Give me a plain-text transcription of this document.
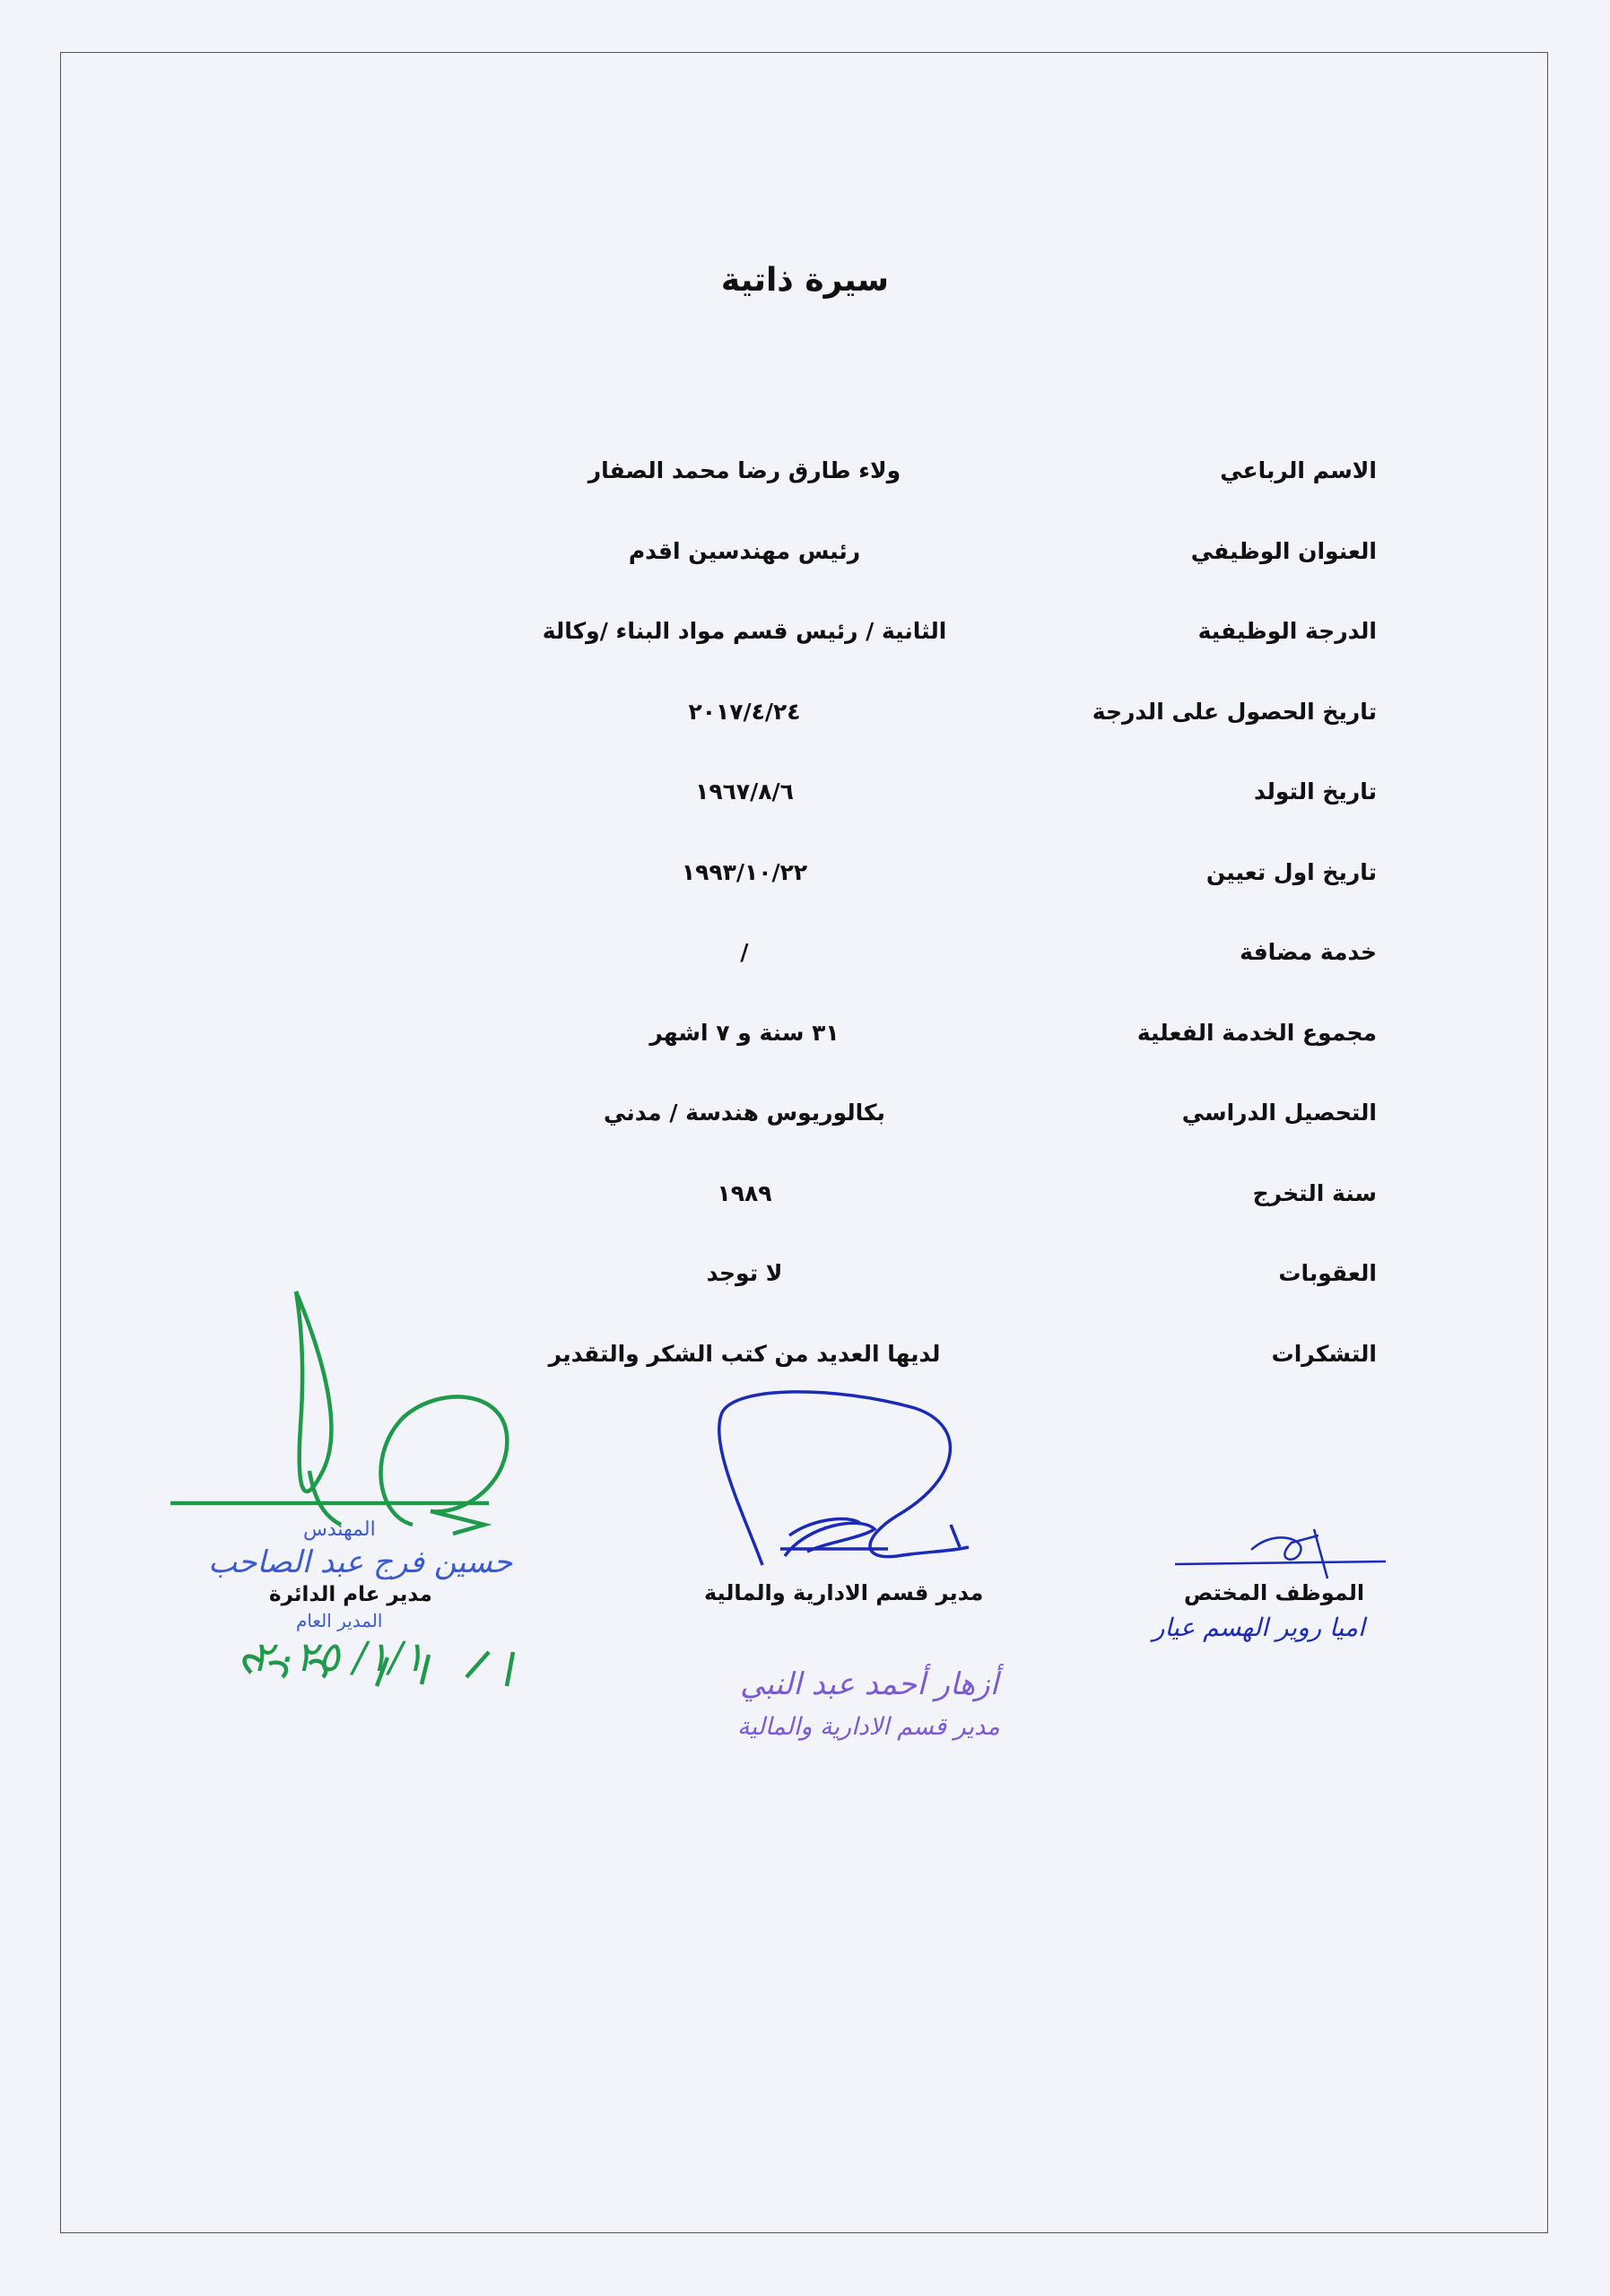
سيرة ذاتية
الاسم الرباعي
ولاء طارق رضا محمد الصفار
العنوان الوظيفي
رئيس مهندسين اقدم
الدرجة الوظيفية
الثانية / رئيس قسم مواد البناء /وكالة
تاريخ الحصول على الدرجة
٢٠١٧/٤/٢٤
تاريخ التولد
١٩٦٧/٨/٦
تاريخ اول تعيين
١٩٩٣/١٠/٢٢
خدمة مضافة
/
مجموع الخدمة الفعلية
٣١ سنة و ٧ اشهر
التحصيل الدراسي
بكالوريوس هندسة / مدني
سنة التخرج
١٩٨٩
العقوبات
لا توجد
التشكرات
لديها العديد من كتب الشكر والتقدير
الموظف المختص
اميا روير الهسم عيار
مدير قسم الادارية والمالية
أزهار أحمد عبد النبي
مدير قسم الادارية والمالية
المهندس
حسين فرج عبد الصاحب
مدير عام الدائرة
المدير العام
١/١/ ٢٠٢٥
